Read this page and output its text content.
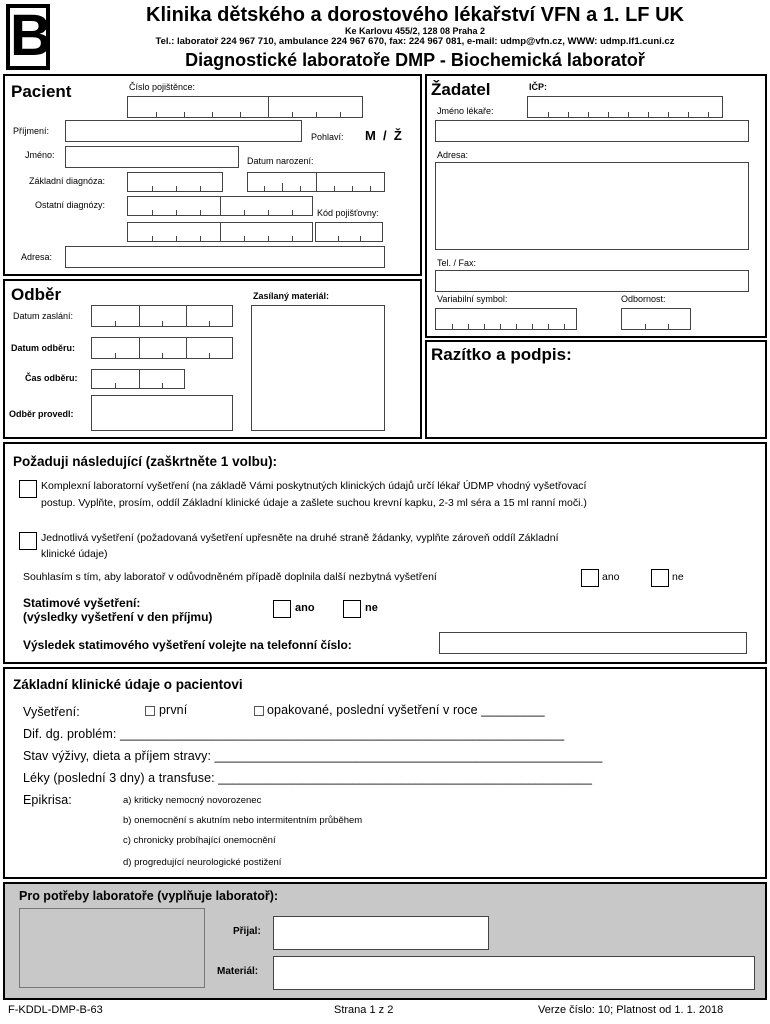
B	Klinika dětského a dorostového lékařství VFN a 1. LF UK
Ke Karlovu 455/2, 128 08 Praha 2
Tel.: laboratoř 224 967 710, ambulance 224 967 670, fax: 224 967 081, e-mail: udmp@vfn.cz, WWW: udmp.lf1.cuni.cz
Diagnostické laboratoře DMP - Biochemická laboratoř
Pacient	Číslo pojištěnce:
Příjmení:
Pohlaví: M  /  Ž
Jméno:
Datum narození:
Základní diagnóza:
Ostatní diagnózy:
Kód pojišťovny:
Adresa:
Žadatel	IČP:
Jméno lékaře:
Adresa:
Tel. / Fax:
Variabilní symbol:	Odbornost:
Odběr
Datum zaslání:
Datum odběru:
Čas odběru:
Odběr provedl:
Zasílaný materiál:
Razítko a podpis:
Požaduji následující (zaškrtněte 1 volbu):
Komplexní laboratorní vyšetření (na základě Vámi poskytnutých klinických údajů určí lékař ÚDMP vhodný vyšetřovací
postup. Vyplňte, prosím, oddíl Základní klinické údaje a zašlete suchou krevní kapku, 2-3 ml séra a 15 ml ranní moči.)
Jednotlivá vyšetření (požadovaná vyšetření upřesněte na druhé straně žádanky, vyplňte zároveň oddíl Základní
klinické údaje)
Souhlasím s tím, aby laboratoř v odůvodněném případě doplnila další nezbytná vyšetření	ano	ne
Statimové vyšetření:
(výsledky vyšetření v den příjmu)
ano	ne
Výsledek statimového vyšetření volejte na telefonní číslo:
Základní klinické údaje o pacientovi
Vyšetření:	první	opakované, poslední vyšetření v roce _________
Dif. dg. problém: _______________________________________________________________
Stav výživy, dieta a příjem stravy: _______________________________________________________
Léky (poslední 3 dny) a transfuse: _____________________________________________________
Epikrisa:	a) kriticky nemocný novorozenec
b) onemocnění s akutním nebo intermitentním průběhem
c) chronicky probíhající onemocnění
d) progredující neurologické postižení
Pro potřeby laboratoře (vyplňuje laboratoř):
Přijal:
Materiál:
F-KDDL-DMP-B-63	Strana 1 z 2	Verze číslo: 10; Platnost od 1. 1. 2018
